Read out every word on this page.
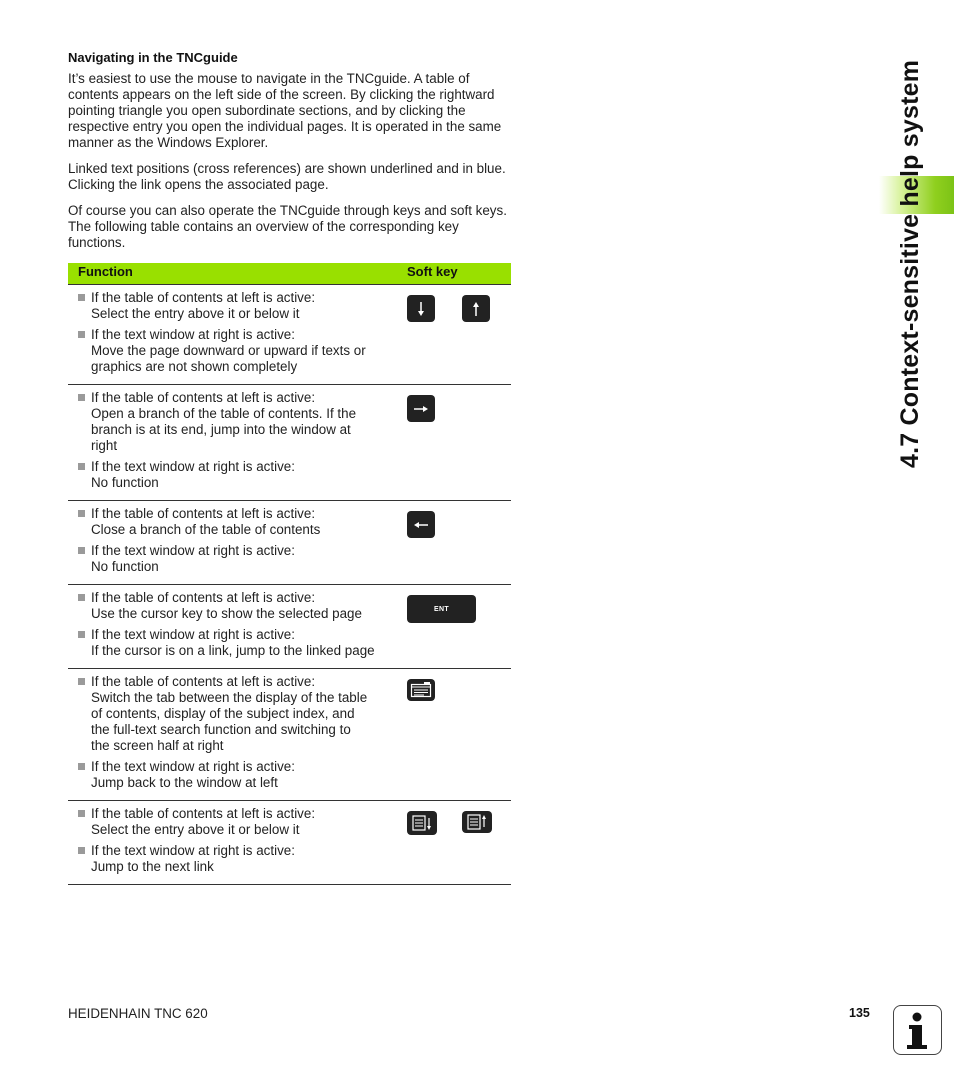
Navigating in the TNCguide
It’s easiest to use the mouse to navigate in the TNCguide. A table of contents appears on the left side of the screen. By clicking the rightward pointing triangle you open subordinate sections, and by clicking the respective entry you open the individual pages. It is operated in the same manner as the Windows Explorer.
Linked text positions (cross references) are shown underlined and in blue. Clicking the link opens the associated page.
Of course you can also operate the TNCguide through keys and soft keys. The following table contains an overview of the corresponding key functions.
Function	Soft key
If the table of contents at left is active:
Select the entry above it or below it
If the text window at right is active:
Move the page downward or upward if texts or
graphics are not shown completely
If the table of contents at left is active:
Open a branch of the table of contents. If the
branch is at its end, jump into the window at
right
If the text window at right is active:
No function
If the table of contents at left is active:
Close a branch of the table of contents
If the text window at right is active:
No function
If the table of contents at left is active:
Use the cursor key to show the selected page
If the text window at right is active:
If the cursor is on a link, jump to the linked page
ENT
If the table of contents at left is active:
Switch the tab between the display of the table
of contents, display of the subject index, and
the full-text search function and switching to
the screen half at right
If the text window at right is active:
Jump back to the window at left
If the table of contents at left is active:
Select the entry above it or below it
If the text window at right is active:
Jump to the next link
4.7 Context-sensitive help system
HEIDENHAIN TNC 620	135
